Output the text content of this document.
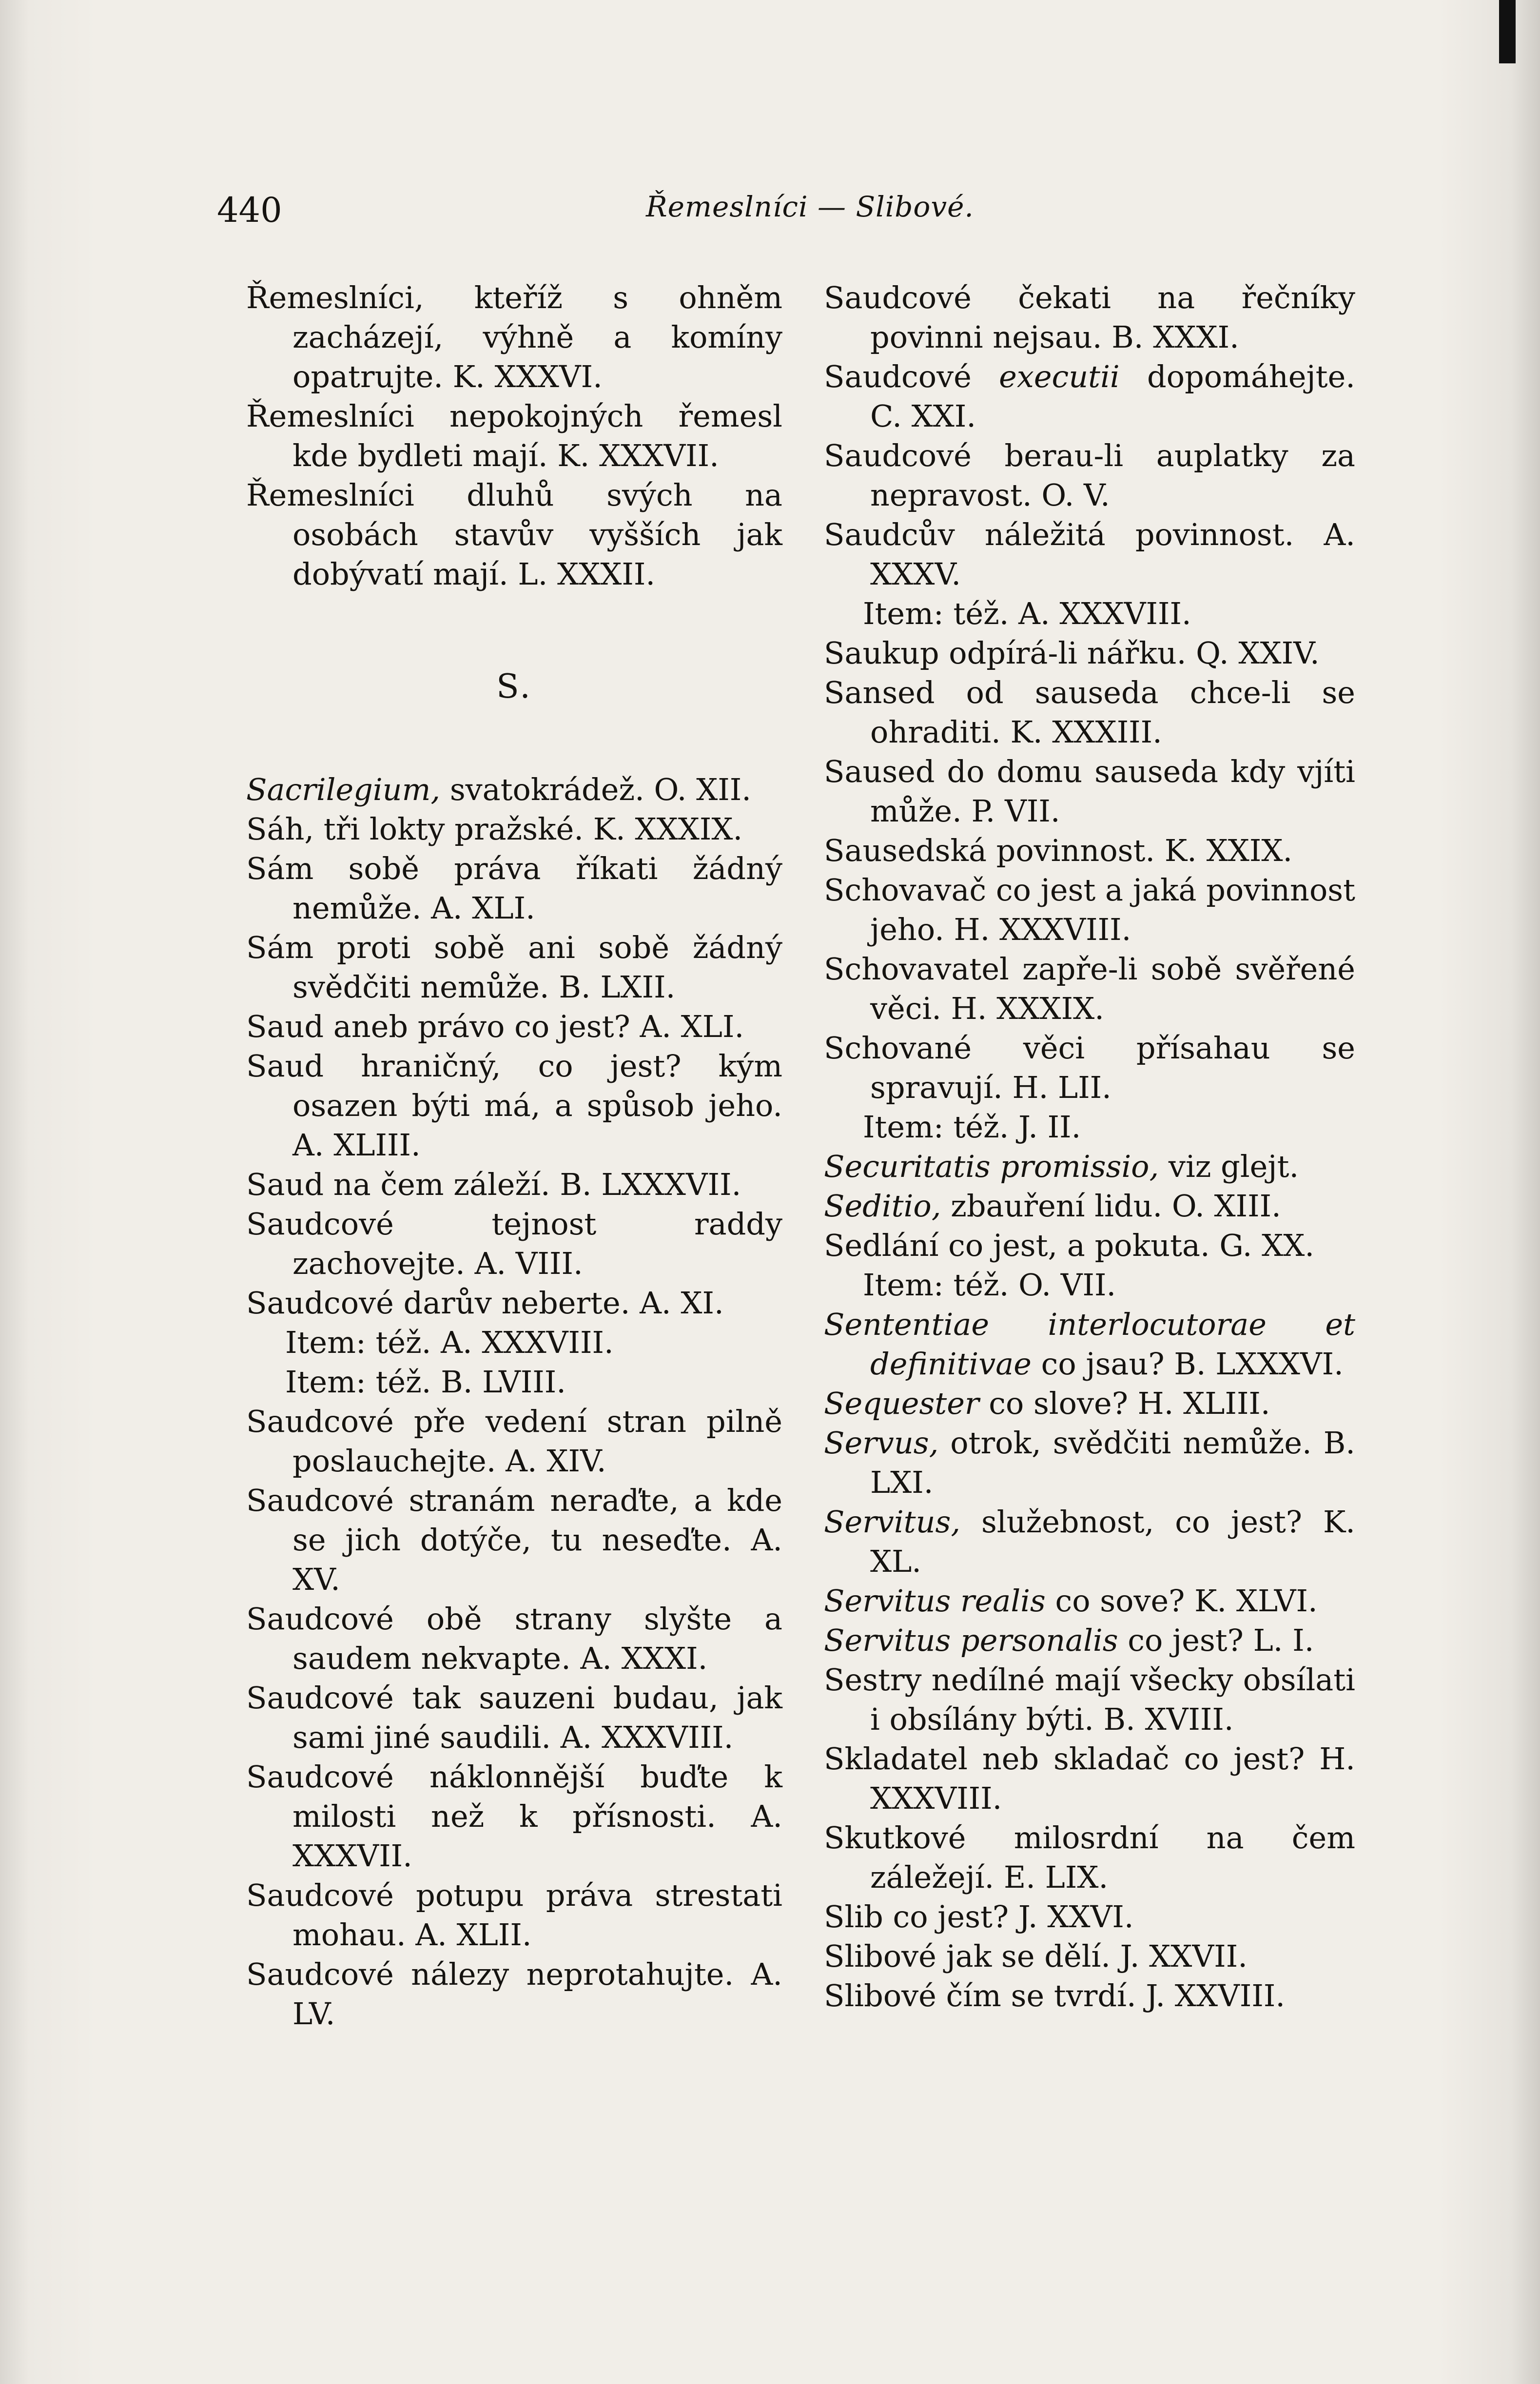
440	Řemeslníci — Slibové.
Řemeslníci, kteříž s ohněm zacházejí, výhně a komíny opatrujte. K. XXXVI.
Řemeslníci nepokojných řemesl kde bydleti mají. K. XXXVII.
Řemeslníci dluhů svých na osobách stavův vyšších jak dobývatí mají. L. XXXII.
S.
Sacrilegium, svatokrádež. O. XII.
Sáh, tři lokty pražské. K. XXXIX.
Sám sobě práva říkati žádný nemůže. A. XLI.
Sám proti sobě ani sobě žádný svědčiti nemůže. B. LXII.
Saud aneb právo co jest? A. XLI.
Saud hraničný, co jest? kým osazen býti má, a spůsob jeho. A. XLIII.
Saud na čem záleží. B. LXXXVII.
Saudcové tejnost raddy zachovejte. A. VIII.
Saudcové darův neberte. A. XI.
Item: též. A. XXXVIII.
Item: též. B. LVIII.
Saudcové pře vedení stran pilně poslauchejte. A. XIV.
Saudcové stranám neraďte, a kde se jich dotýče, tu neseďte. A. XV.
Saudcové obě strany slyšte a saudem nekvapte. A. XXXI.
Saudcové tak sauzeni budau, jak sami jiné saudili. A. XXXVIII.
Saudcové náklonnější buďte k milosti než k přísnosti. A. XXXVII.
Saudcové potupu práva strestati mohau. A. XLII.
Saudcové nálezy neprotahujte. A. LV.
Saudcové čekati na řečníky povinni nejsau. B. XXXI.
Saudcové executii dopomáhejte. C. XXI.
Saudcové berau-li auplatky za nepravost. O. V.
Saudcův náležitá povinnost. A. XXXV.
Item: též. A. XXXVIII.
Saukup odpírá-li nářku. Q. XXIV.
Sansed od sauseda chce-li se ohraditi. K. XXXIII.
Saused do domu sauseda kdy vjíti může. P. VII.
Sausedská povinnost. K. XXIX.
Schovavač co jest a jaká povinnost jeho. H. XXXVIII.
Schovavatel zapře-li sobě svěřené věci. H. XXXIX.
Schované věci přísahau se spravují. H. LII.
Item: též. J. II.
Securitatis promissio, viz glejt.
Seditio, zbauření lidu. O. XIII.
Sedlání co jest, a pokuta. G. XX.
Item: též. O. VII.
Sententiae interlocutorae et definitivae co jsau? B. LXXXVI.
Sequester co slove? H. XLIII.
Servus, otrok, svědčiti nemůže. B. LXI.
Servitus, služebnost, co jest? K. XL.
Servitus realis co sove? K. XLVI.
Servitus personalis co jest? L. I.
Sestry nedílné mají všecky obsílati i obsílány býti. B. XVIII.
Skladatel neb skladač co jest? H. XXXVIII.
Skutkové milosrdní na čem záležejí. E. LIX.
Slib co jest? J. XXVI.
Slibové jak se dělí. J. XXVII.
Slibové čím se tvrdí. J. XXVIII.
